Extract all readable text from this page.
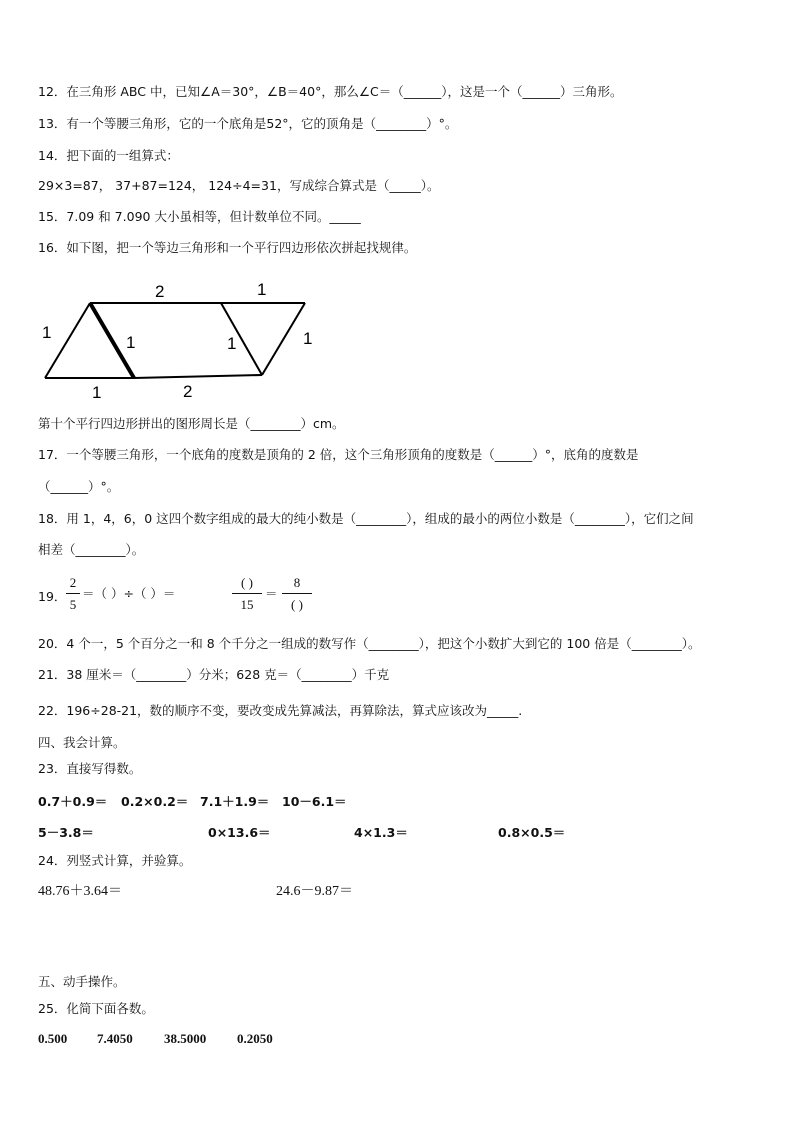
12．在三角形 ABC 中，已知∠A＝30°，∠B＝40°，那么∠C＝（______），这是一个（______）三角形。
13．有一个等腰三角形，它的一个底角是52°，它的顶角是（________）°。
14．把下面的一组算式：
29×3=87， 37+87=124， 124÷4=31，写成综合算式是（_____）。
15．7.09 和 7.090 大小虽相等，但计数单位不同。_____
16．如下图，把一个等边三角形和一个平行四边形依次拼起找规律。
2	1
1
1	1	1
1	2
第十个平行四边形拼出的图形周长是（________）cm。
17．一个等腰三角形，一个底角的度数是顶角的 2 倍，这个三角形顶角的度数是（______）°，底角的度数是
（______）°。
18．用 1，4，6，0 这四个数字组成的最大的纯小数是（________），组成的最小的两位小数是（________），它们之间
相差（________）。
19．
2
5
＝（ ）÷（ ）＝
( )
15
＝
8
( )
20．4 个一，5 个百分之一和 8 个千分之一组成的数写作（________），把这个小数扩大到它的 100 倍是（________）。
21．38 厘米＝（________）分米；628 克＝（________）千克
22．196÷28-21，数的顺序不变，要改变成先算减法，再算除法，算式应该改为_____.
四、我会计算。
23．直接写得数。
0.7＋0.9＝ 0.2×0.2＝ 7.1＋1.9＝ 10－6.1＝
5－3.8＝	0×13.6＝	4×1.3＝	0.8×0.5＝
24．列竖式计算，并验算。
48.76＋3.64＝	24.6－9.87＝
五、动手操作。
25．化简下面各数。
0.500 7.4050 38.5000 0.2050
